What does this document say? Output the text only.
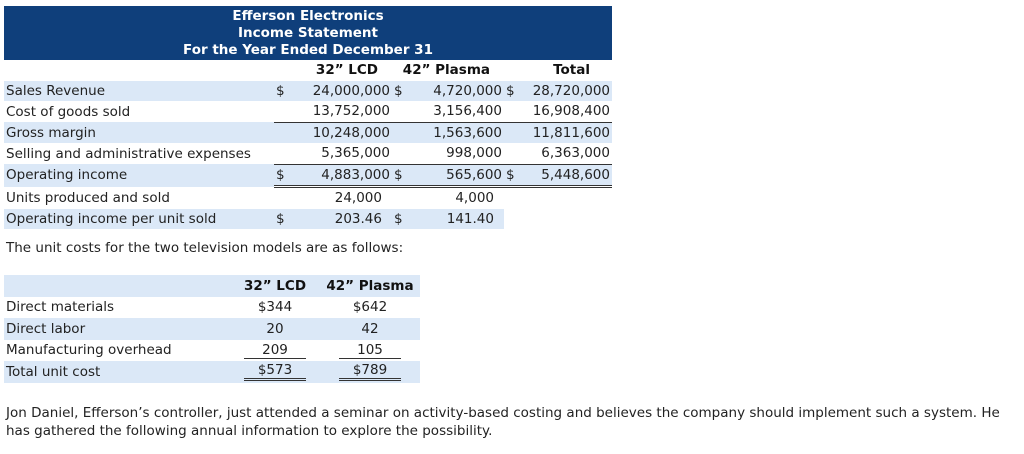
Efferson Electronics
Income Statement
For the Year Ended December 31
	32” LCD	42” Plasma	Total
Sales Revenue	$ 24,000,000	$ 4,720,000	$ 28,720,000

Cost of goods sold	13,752,000	3,156,400	16,908,400
Gross margin	10,248,000	1,563,600	11,811,600
Selling and administrative expenses	5,365,000	998,000	6,363,000
Operating income	$ 4,883,000	$ 565,600	$ 5,448,600

Units produced and sold	24,000	4,000	
Operating income per unit sold	$ 203.46	$ 141.40	

The unit costs for the two television models are as follows:
	32” LCD	42” Plasma
Direct materials	$344	$642
Direct labor	20	42
Manufacturing overhead	209	105
Total unit cost	$573	$789
Jon Daniel, Efferson’s controller, just attended a seminar on activity-based costing and believes the company should implement such a system. He has gathered the following annual information to explore the possibility.
